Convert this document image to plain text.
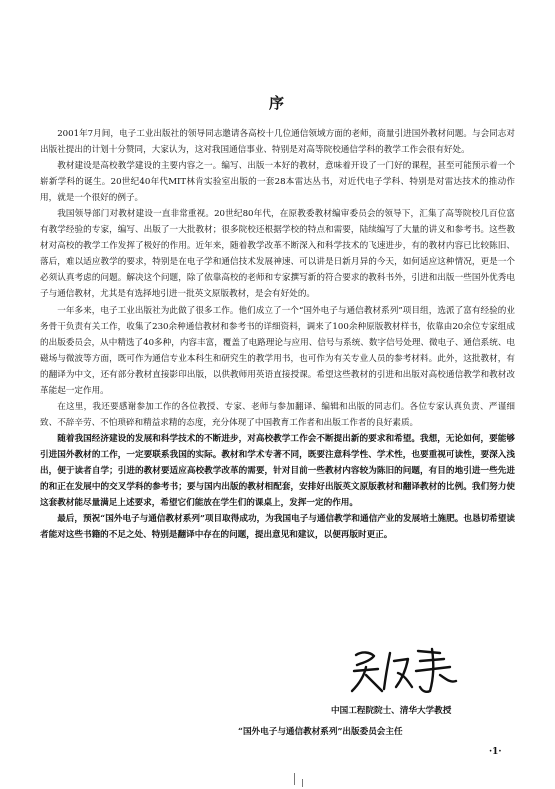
序

2001年7月间，电子工业出版社的领导同志邀请各高校十几位通信领域方面的老师，商量引进国外教材问题。与会同志对出版社提出的计划十分赞同，大家认为，这对我国通信事业、特别是对高等院校通信学科的教学工作会很有好处。

教材建设是高校教学建设的主要内容之一。编写、出版一本好的教材，意味着开设了一门好的课程，甚至可能预示着一个崭新学科的诞生。20世纪40年代MIT林肯实验室出版的一套28本雷达丛书，对近代电子学科、特别是对雷达技术的推动作用，就是一个很好的例子。

我国领导部门对教材建设一直非常重视。20世纪80年代，在原教委教材编审委员会的领导下，汇集了高等院校几百位富有教学经验的专家，编写、出版了一大批教材；很多院校还根据学校的特点和需要，陆续编写了大量的讲义和参考书。这些教材对高校的教学工作发挥了极好的作用。近年来，随着教学改革不断深入和科学技术的飞速进步，有的教材内容已比较陈旧、落后，难以适应教学的要求，特别是在电子学和通信技术发展神速、可以讲是日新月异的今天，如何适应这种情况，更是一个必须认真考虑的问题。解决这个问题，除了依靠高校的老师和专家撰写新的符合要求的教科书外，引进和出版一些国外优秀电子与通信教材，尤其是有选择地引进一批英文原版教材，是会有好处的。

一年多来，电子工业出版社为此做了很多工作。他们成立了一个“国外电子与通信教材系列”项目组，选派了富有经验的业务骨干负责有关工作，收集了230余种通信教材和参考书的详细资料，调来了100余种原版教材样书，依靠由20余位专家组成的出版委员会，从中精选了40多种，内容丰富，覆盖了电路理论与应用、信号与系统、数字信号处理、微电子、通信系统、电磁场与微波等方面，既可作为通信专业本科生和研究生的教学用书，也可作为有关专业人员的参考材料。此外，这批教材，有的翻译为中文，还有部分教材直接影印出版，以供教师用英语直接授课。希望这些教材的引进和出版对高校通信教学和教材改革能起一定作用。

在这里，我还要感谢参加工作的各位教授、专家、老师与参加翻译、编辑和出版的同志们。各位专家认真负责、严谨细致、不辞辛劳、不怕琐碎和精益求精的态度，充分体现了中国教育工作者和出版工作者的良好素质。

随着我国经济建设的发展和科学技术的不断进步，对高校教学工作会不断提出新的要求和希望。我想，无论如何，要能够引进国外教材的工作，一定要联系我国的实际。教材和学术专著不同，既要注意科学性、学术性，也要重视可读性，要深入浅出，便于读者自学；引进的教材要适应高校教学改革的需要，针对目前一些教材内容较为陈旧的问题，有目的地引进一些先进的和正在发展中的交叉学科的参考书；要与国内出版的教材相配套，安排好出版英文原版教材和翻译教材的比例。我们努力使这套教材能尽量满足上述要求，希望它们能放在学生们的课桌上，发挥一定的作用。

最后，预祝“国外电子与通信教材系列”项目取得成功，为我国电子与通信教学和通信产业的发展培土施肥。也恳切希望读者能对这些书籍的不足之处、特别是翻译中存在的问题，提出意见和建议，以便再版时更正。

中国工程院院士、清华大学教授
“国外电子与通信教材系列”出版委员会主任
·1·
